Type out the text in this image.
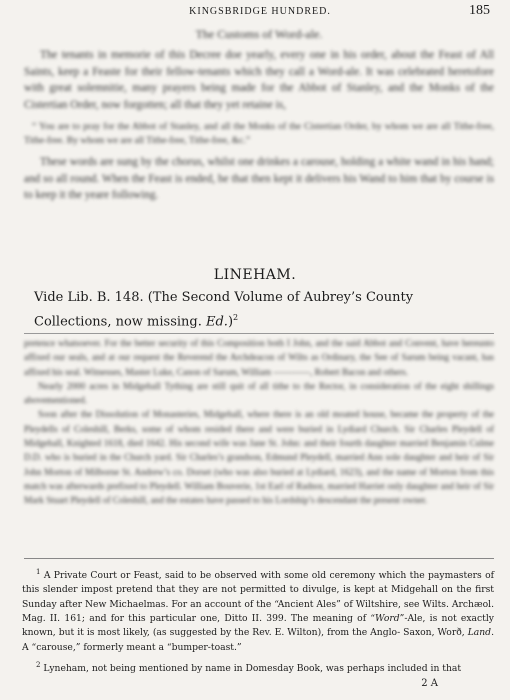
KINGSBRIDGE HUNDRED.	185
The Customs of Word-ale.
The tenants in memorie of this Decree doe yearly, every one in his order, about the Feast of All Saints, keep a Feaste for their fellow-tenants which they call a Word-ale. It was celebrated heretofore with great solemnitie, many prayers being made for the Abbot of Stanley, and the Monks of the Cistertian Order, now forgotten; all that they yet retaine is,
“ You are to pray for the Abbot of Stanley, and all the Monks of the Cistertian Order, by whom we are all Tithe-free, Tithe-free. By whom we are all Tithe-free, Tithe-free, &c.”
These words are sung by the chorus, whilst one drinkes a carouse, holding a white wand in his hand; and so all round. When the Feast is ended, he that then kept it delivers his Wand to him that by course is to keep it the yeare following.
LINEHAM.
Vide Lib. B. 148. (The Second Volume of Aubrey’s County Collections, now missing. Ed.)$^2$
pretence whatsoever. For the better security of this Composition both I John, and the said Abbot and Convent, have hereunto affixed our seals, and at our request the Reverend the Archdeacon of Wilts as Ordinary, the See of Sarum being vacant, has affixed his seal. Witnesses, Master Luke, Canon of Sarum, William ————, Robert Bacon and others.
Nearly 2000 acres in Midgehall Tything are still quit of all tithe to the Rector, in consideration of the eight shillings abovementioned.
Soon after the Dissolution of Monasteries, Midgehall, where there is an old moated house, became the property of the Pleydells of Coleshill, Berks, some of whom resided there and were buried in Lydiard Church. Sir Charles Pleydell of Midgehall, Knighted 1618, died 1642. His second wife was Jane St. John: and their fourth daughter married Benjamin Culme D.D. who is buried in the Church yard. Sir Charles’s grandson, Edmund Pleydell, married Ann sole daughter and heir of Sir John Morton of Milborne St. Andrew’s co. Dorset (who was also buried at Lydiard, 1623), and the name of Morton from this match was afterwards prefixed to Pleydell. William Bouverie, 1st Earl of Radnor, married Harriet only daughter and heir of Sir Mark Stuart Pleydell of Coleshill, and the estates have passed to his Lordship’s descendant the present owner.

$^1$ A Private Court or Feast, said to be observed with some old ceremony which the paymasters of this slender impost pretend that they are not permitted to divulge, is kept at Midgehall on the first Sunday after New Michaelmas. For an account of the “Ancient Ales” of Wiltshire, see Wilts. Archæol. Mag. II. 161; and for this particular one, Ditto II. 399. The meaning of “Word”-Ale, is not exactly known, but it is most likely, (as suggested by the Rev. E. Wilton), from the Anglo- Saxon, Worð, Land. A “carouse,” formerly meant a “bumper-toast.”

$^2$ Lyneham, not being mentioned by name in Domesday Book, was perhaps included in that

2 A
